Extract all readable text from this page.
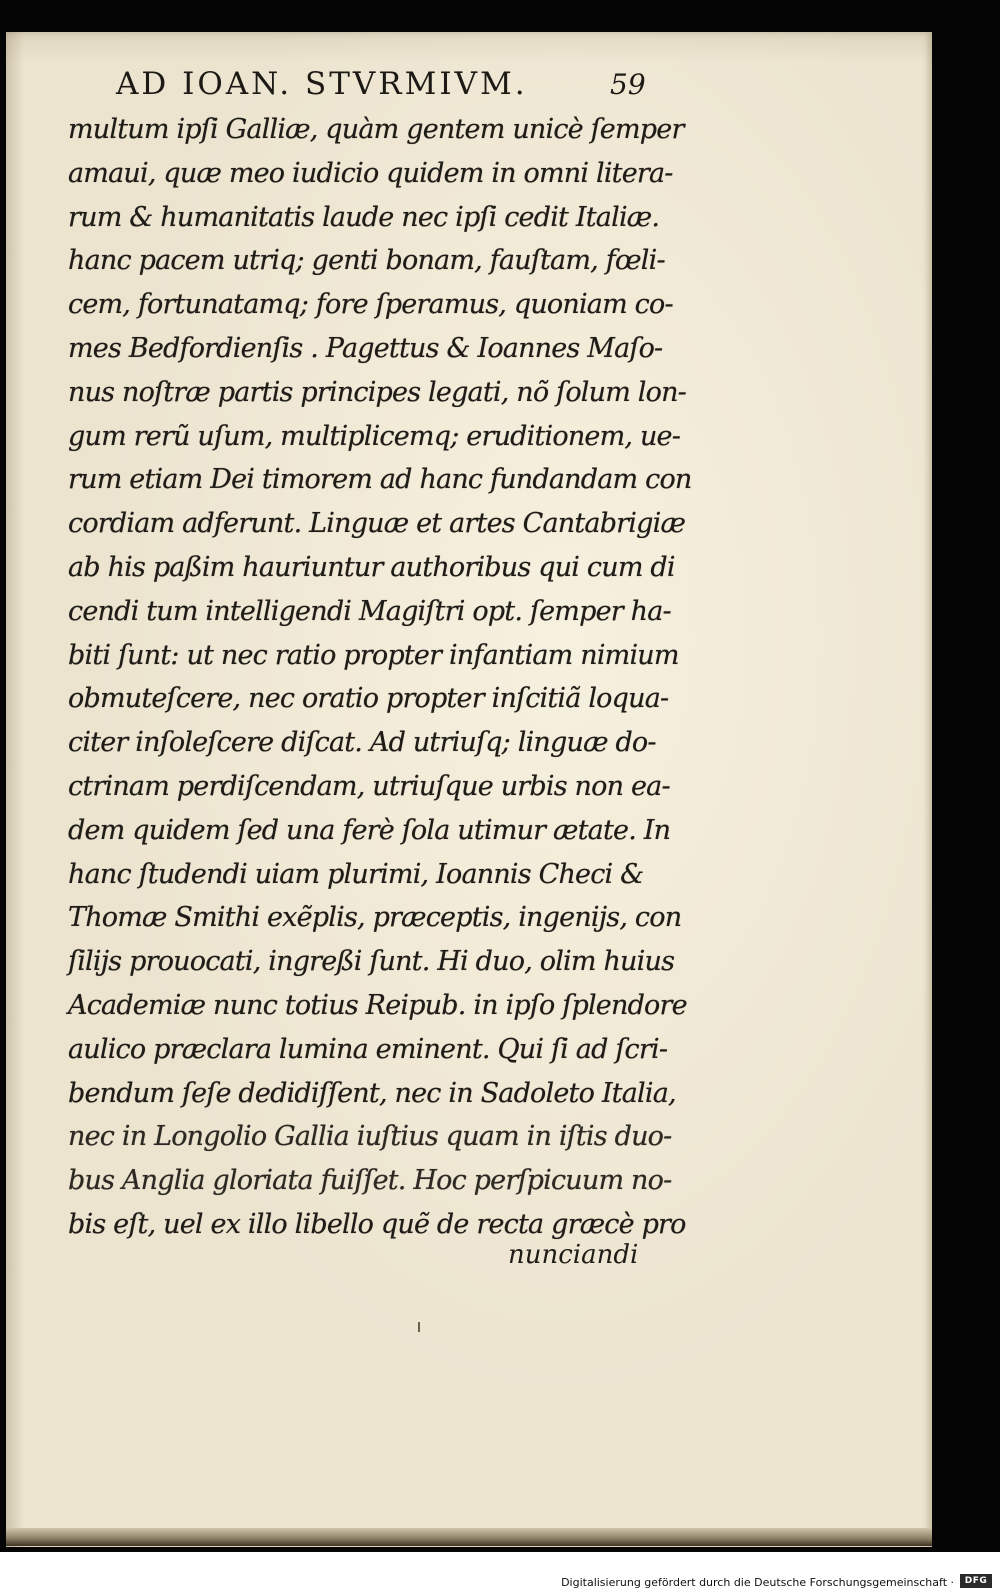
AD IOAN. STVRMIVM.	59
multum ipſi Galliæ, quàm gentem unicè ſemper
amaui, quæ meo iudicio quidem in omni litera-
rum & humanitatis laude nec ipſi cedit Italiæ.
hanc pacem utriq; genti bonam, fauſtam, fœli-
cem, fortunatamq; fore ſperamus, quoniam co-
mes Bedfordienſis . Pagettus & Ioannes Maſo-
nus noſtræ partis principes legati, nõ ſolum lon-
gum rerũ uſum, multiplicemq; eruditionem, ue-
rum etiam Dei timorem ad hanc fundandam con
cordiam adferunt. Linguæ et artes Cantabrigiæ
ab his paßim hauriuntur authoribus qui cum di
cendi tum intelligendi Magiſtri opt. ſemper ha-
biti ſunt: ut nec ratio propter infantiam nimium
obmuteſcere, nec oratio propter inſcitiã loqua-
citer inſoleſcere diſcat. Ad utriuſq; linguæ do-
ctrinam perdiſcendam, utriuſque urbis non ea-
dem quidem ſed una ferè ſola utimur ætate. In
hanc ſtudendi uiam plurimi, Ioannis Checi &
Thomæ Smithi exẽplis, præceptis, ingenijs, con
ſilijs prouocati, ingreßi ſunt. Hi duo, olim huius
Academiæ nunc totius Reipub. in ipſo ſplendore
aulico præclara lumina eminent. Qui ſi ad ſcri-
bendum ſeſe dedidiſſent, nec in Sadoleto Italia,
nec in Longolio Gallia iuſtius quam in iſtis duo-
bus Anglia gloriata fuiſſet. Hoc perſpicuum no-
bis eſt, uel ex illo libello quẽ de recta græcè pro
nunciandi
Digitalisierung gefördert durch die Deutsche Forschungsgemeinschaft ·	DFG
